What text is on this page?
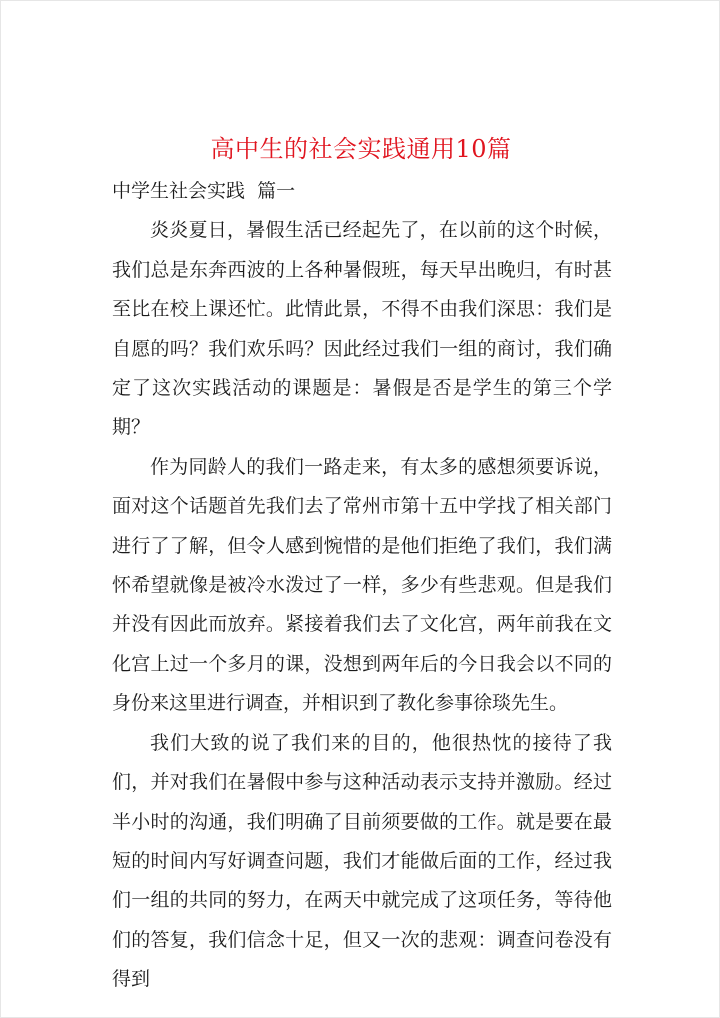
高中生的社会实践通用10篇

中学生社会实践  篇一

炎炎夏日，暑假生活已经起先了，在以前的这个时候，我们总是东奔西波的上各种暑假班，每天早出晚归，有时甚至比在校上课还忙。此情此景，不得不由我们深思：我们是自愿的吗？我们欢乐吗？因此经过我们一组的商讨，我们确定了这次实践活动的课题是：暑假是否是学生的第三个学期？

作为同龄人的我们一路走来，有太多的感想须要诉说，面对这个话题首先我们去了常州市第十五中学找了相关部门进行了了解，但令人感到惋惜的是他们拒绝了我们，我们满怀希望就像是被冷水泼过了一样，多少有些悲观。但是我们并没有因此而放弃。紧接着我们去了文化宫，两年前我在文化宫上过一个多月的课，没想到两年后的今日我会以不同的身份来这里进行调查，并相识到了教化参事徐琰先生。

我们大致的说了我们来的目的，他很热忱的接待了我们，并对我们在暑假中参与这种活动表示支持并激励。经过半小时的沟通，我们明确了目前须要做的工作。就是要在最短的时间内写好调查问题，我们才能做后面的工作，经过我们一组的共同的努力，在两天中就完成了这项任务，等待他们的答复，我们信念十足，但又一次的悲观：调查问卷没有得到
